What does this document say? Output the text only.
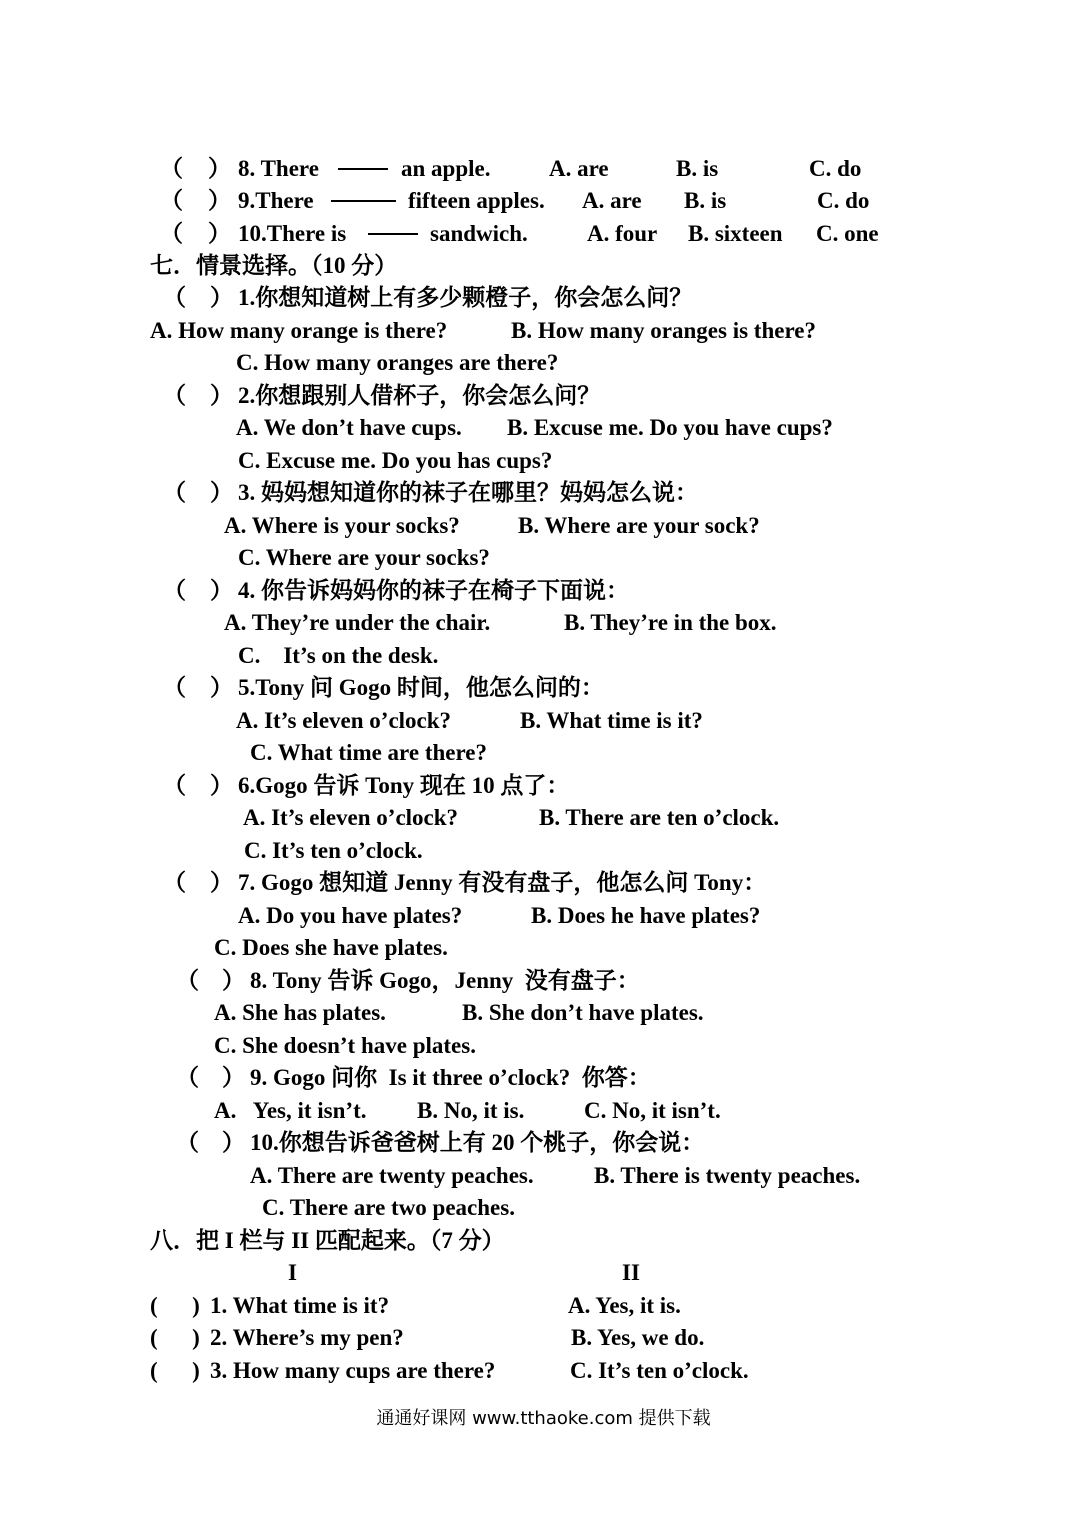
（ ） 8. There	an apple.	A. are	B. is	C. do
（ ） 9.There	fifteen apples. A. are B. is	C. do
（ ） 10.There is	sandwich.	A. four B. sixteen C. one
七．情景选择。（10 分）
（ ） 1.你想知道树上有多少颗橙子，你会怎么问？
A. How many orange is there?	B. How many oranges is there?
C. How many oranges are there?
（ ） 2.你想跟别人借杯子，你会怎么问？
A. We don’t have cups. B. Excuse me. Do you have cups?
C. Excuse me. Do you has cups?
（ ） 3. 妈妈想知道你的袜子在哪里？妈妈怎么说：
A. Where is your socks?	B. Where are your sock?
C. Where are your socks?
（ ） 4. 你告诉妈妈你的袜子在椅子下面说：
A. They’re under the chair.	B. They’re in the box.
C.    It’s on the desk.
（ ） 5.Tony 问 Gogo 时间，他怎么问的：
A. It’s eleven o’clock?	B. What time is it?
C. What time are there?
（ ） 6.Gogo 告诉 Tony 现在 10 点了：
A. It’s eleven o’clock?	B. There are ten o’clock.
C. It’s ten o’clock.
（ ） 7. Gogo 想知道 Jenny 有没有盘子，他怎么问 Tony：
A. Do you have plates?	B. Does he have plates?
C. Does she have plates.
（ ） 8. Tony 告诉 Gogo，Jenny  没有盘子：
A. She has plates.	B. She don’t have plates.
C. She doesn’t have plates.
（ ） 9. Gogo 问你  Is it three o’clock?  你答：
A.   Yes, it isn’t. B. No, it is.	C. No, it isn’t.
（ ） 10.你想告诉爸爸树上有 20 个桃子，你会说：
A. There are twenty peaches.	B. There is twenty peaches.
C. There are two peaches.
八．把 I 栏与 II 匹配起来。（7 分）
I	II
(      ) 1. What time is it?	A. Yes, it is.
(      ) 2. Where’s my pen?	B. Yes, we do.
(      ) 3. How many cups are there?	C. It’s ten o’clock.
通通好课网 www.tthaoke.com 提供下载
